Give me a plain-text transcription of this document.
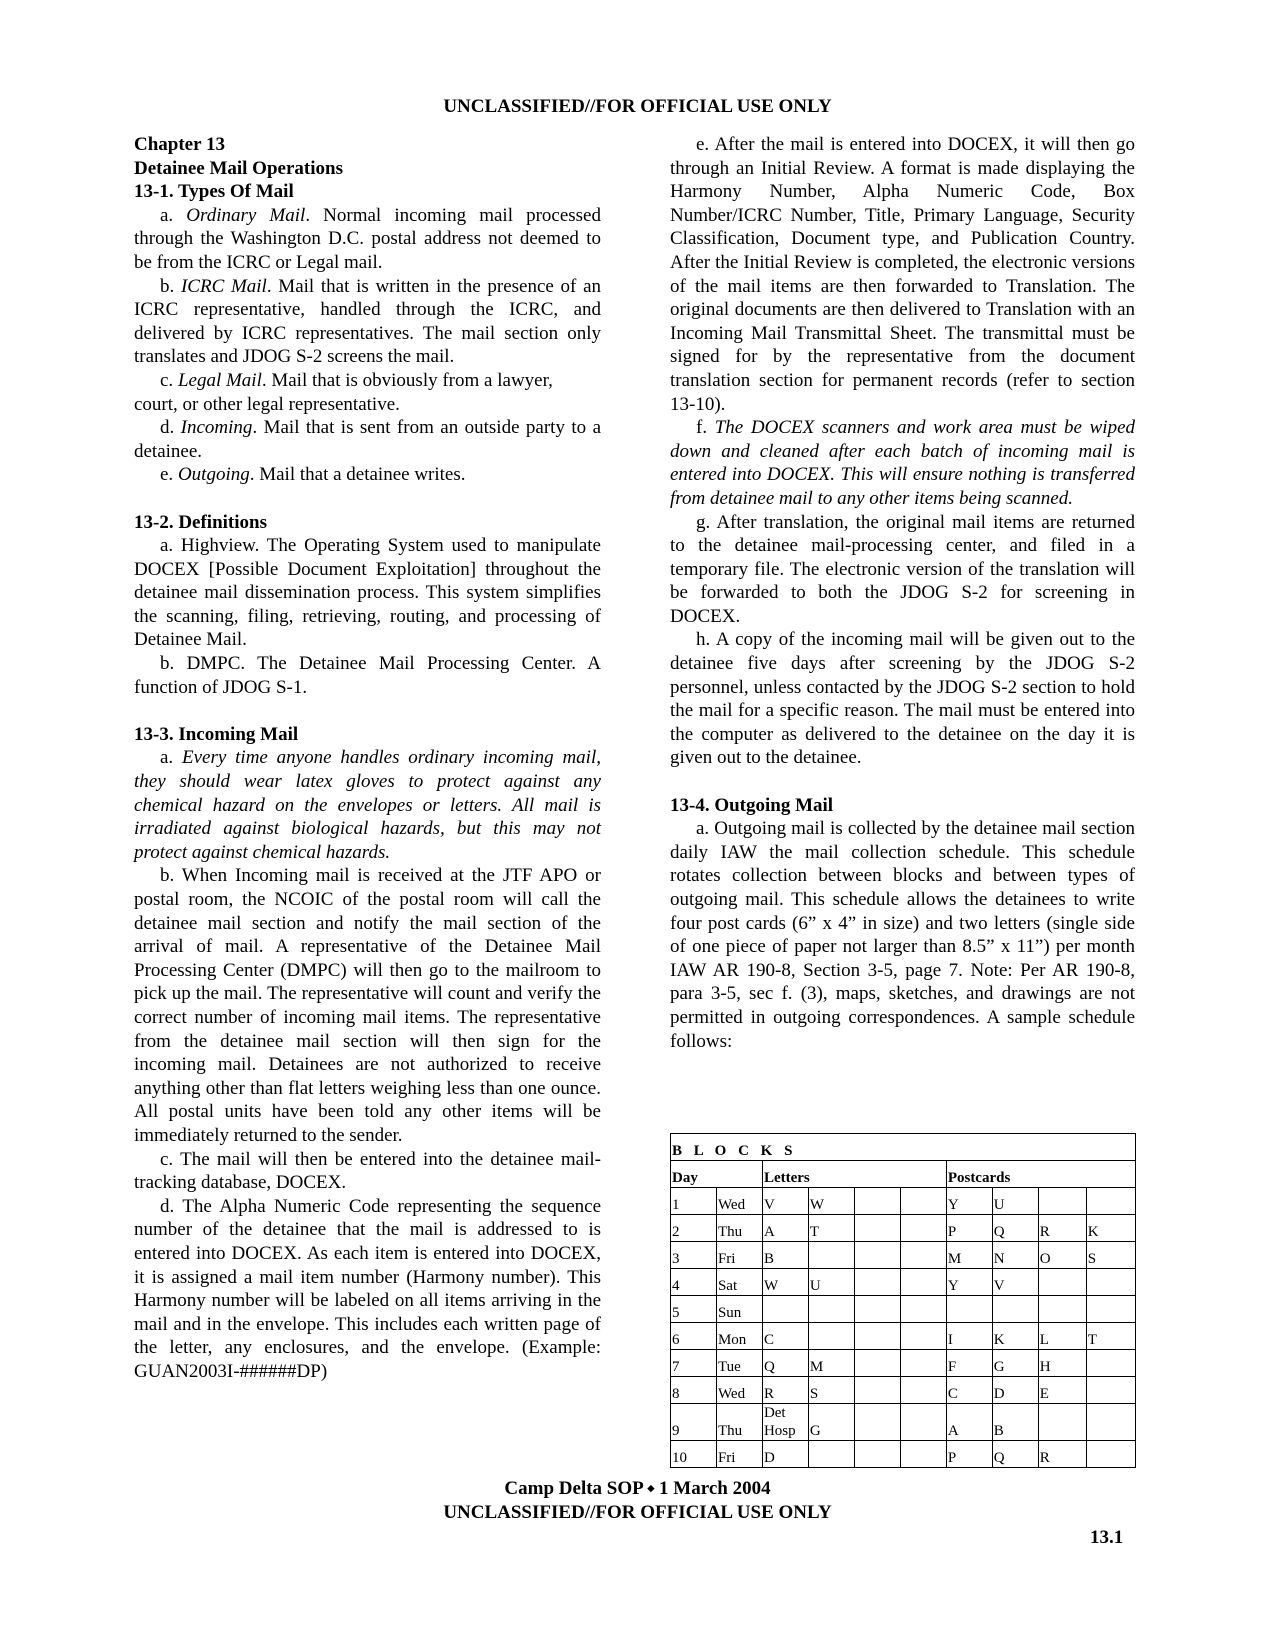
UNCLASSIFIED//FOR OFFICIAL USE ONLY
Chapter 13
Detainee Mail Operations
13-1. Types Of Mail

a. Ordinary Mail. Normal incoming mail processed through the Washington D.C. postal address not deemed to be from the ICRC or Legal mail.

b. ICRC Mail. Mail that is written in the presence of an ICRC representative, handled through the ICRC, and delivered by ICRC representatives. The mail section only translates and JDOG S-2 screens the mail.

c. Legal Mail. Mail that is obviously from a lawyer, court, or other legal representative.

d. Incoming. Mail that is sent from an outside party to a detainee.

e. Outgoing. Mail that a detainee writes.

13-2. Definitions

a. Highview. The Operating System used to manipulate DOCEX [Possible Document Exploitation] throughout the detainee mail dissemination process. This system simplifies the scanning, filing, retrieving, routing, and processing of Detainee Mail.

b. DMPC. The Detainee Mail Processing Center. A function of JDOG S-1.

13-3. Incoming Mail

a. Every time anyone handles ordinary incoming mail, they should wear latex gloves to protect against any chemical hazard on the envelopes or letters. All mail is irradiated against biological hazards, but this may not protect against chemical hazards.

b. When Incoming mail is received at the JTF APO or postal room, the NCOIC of the postal room will call the detainee mail section and notify the mail section of the arrival of mail. A representative of the Detainee Mail Processing Center (DMPC) will then go to the mailroom to pick up the mail. The representative will count and verify the correct number of incoming mail items. The representative from the detainee mail section will then sign for the incoming mail. Detainees are not authorized to receive anything other than flat letters weighing less than one ounce. All postal units have been told any other items will be immediately returned to the sender.

c. The mail will then be entered into the detainee mail-tracking database, DOCEX.

d. The Alpha Numeric Code representing the sequence number of the detainee that the mail is addressed to is entered into DOCEX. As each item is entered into DOCEX, it is assigned a mail item number (Harmony number). This Harmony number will be labeled on all items arriving in the mail and in the envelope. This includes each written page of the letter, any enclosures, and the envelope. (Example: GUAN2003I-######DP)

e. After the mail is entered into DOCEX, it will then go through an Initial Review. A format is made displaying the Harmony Number, Alpha Numeric Code, Box Number/ICRC Number, Title, Primary Language, Security Classification, Document type, and Publication Country. After the Initial Review is completed, the electronic versions of the mail items are then forwarded to Translation. The original documents are then delivered to Translation with an Incoming Mail Transmittal Sheet. The transmittal must be signed for by the representative from the document translation section for permanent records (refer to section 13-10).

f. The DOCEX scanners and work area must be wiped down and cleaned after each batch of incoming mail is entered into DOCEX. This will ensure nothing is transferred from detainee mail to any other items being scanned.

g. After translation, the original mail items are returned to the detainee mail-processing center, and filed in a temporary file. The electronic version of the translation will be forwarded to both the JDOG S-2 for screening in DOCEX.

h. A copy of the incoming mail will be given out to the detainee five days after screening by the JDOG S-2 personnel, unless contacted by the JDOG S-2 section to hold the mail for a specific reason. The mail must be entered into the computer as delivered to the detainee on the day it is given out to the detainee.

13-4. Outgoing Mail

a. Outgoing mail is collected by the detainee mail section daily IAW the mail collection schedule. This schedule rotates collection between blocks and between types of outgoing mail. This schedule allows the detainees to write four post cards (6” x 4” in size) and two letters (single side of one piece of paper not larger than 8.5” x 11”) per month IAW AR 190-8, Section 3-5, page 7. Note: Per AR 190-8, para 3-5, sec f. (3), maps, sketches, and drawings are not permitted in outgoing correspondences. A sample schedule follows:

B L O C K S									
Day		Letters				Postcards			
1	Wed	V	W			Y	U		
2	Thu	A	T			P	Q	R	K
3	Fri	B				M	N	O	S
4	Sat	W	U			Y	V		
5	Sun								
6	Mon	C				I	K	L	T
7	Tue	Q	M			F	G	H	
8	Wed	R	S			C	D	E	
9	Thu	Det Hosp	G			A	B		
10	Fri	D				P	Q	R	
Camp Delta SOP ⬩ 1 March 2004
UNCLASSIFIED//FOR OFFICIAL USE ONLY
13.1
